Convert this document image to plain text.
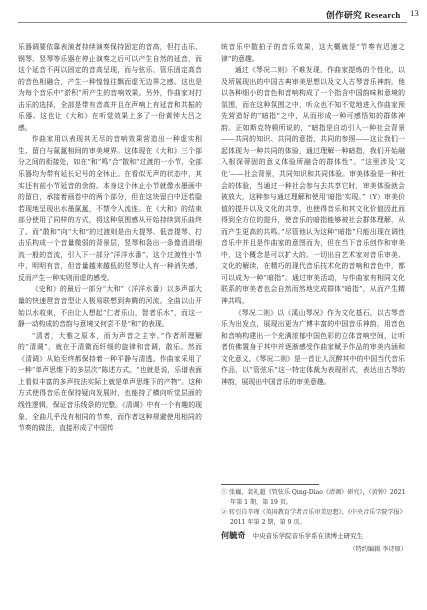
创作研究 Research 13

乐器调要依靠表演者持续演奏保持固定的音高，但打击乐、钢琴、竖琴等乐器在停止演奏之后可以产生自然的延音，而这个延音不再以固定的音高呈现，而与弦乐、管乐固定高音的音色相融合，产生一种惶惶往飘而虚无边界之感。这也是为每个音乐中“淤积”所产生的音响效果。另外，作曲家对打击乐的选择，全部是带有音高并且在声响上有延音和共振的乐器。这也让《大和》在听觉效果上多了一份黄钟大吕之感。

作曲家用以表现其无尽的音响效果营造出一种虚实相生、留白与氤氲相间的审美境界。这体现在《大和》三个部分之间的衔接处，如在“和”鸣“合”散和“过渡的一小节，全部乐器均为带有延长记号的全休止。在看似无声的状态中，其实还有前小节延音的余韵。本身这个休止小节就像水墨画中的留白，承接着画卷中的两个部分，但在这块留白中还若隐若现地呈现出水墨氤氲，不禁令人流连。在《大和》的结束部分使用了同样的方式，将这种氛围感从开始持续到乐曲终了。而“散和”向“大和”的过渡则是由大提琴、低音提琴、打击乐构成一个音量微弱的背景层，竖琴和袅出一条像涓涓细流一般的音流，引入下一部分“洋洋水番”。这个过渡性小节中，明明有音，但音量越来越低的竖琴让人有一种消失感，反而产生一种实则而虚的感受。

《史和》的最后一部分“大和”（洋洋水番）以多声部大量的快速琶音音型让人极易联想到奔腾的河流。全曲以山开始以水收束，不由让人想起“仁者乐山，智者乐水”，而这一静一动构成的音韵与意境又何尝不是“和”的表现。

“清者，大雅之原本，而为声音之主宰。”作者所理解的“清调”，就在于清微而纤细的旋律和音调，散乐。然而《清调》从始至终都保持着一种平静与清透。作曲家采用了一种“单声思维下的多层次”陈述方式。“也就是说，乐谱表面上看似丰富的多声技法实际上就是单声思维下的产物”。这种方式使得音乐在保持疑向发展时，也能持了横向听觉层面的线性逻辑，保证音乐线条的完整。《清调》中有一个有趣的现象，全曲几乎没有相同的节奏，而作者这种规避使用相同的节奏的做法，直接形成了中国传

统音乐中散拍子的音乐效果，这大概就是“节奏有迟速之律”的意趣。

通过《琴况二则》不难发现，作曲家提炼的个性化，以及所展现出的中国古典审美思想以及文人古琴音乐神韵。他以各种细小的音色和音响构成了一个指含中国韵味和意境的氛围，而在这种氛围之中，听众也不知不觉地进入作曲家预先营造好的“暗指”之中，从而形成一种可感悟知的群体神韵。正如斯克特顿所说的，“暗指是自动引入一种社会背景——共同的知识、共同的意指，共同的参照——这让我们一起体现为一种共同的体验，通过理解一种暗指，我们开始融入根深蒂固的意义体验所融合的群体性”。“这里涉及‘文化’——社会背景，共同知识和共同体验。审美体验是一种社会的体验，当通过一种社会参与去共享它时，审美体验就会被放大，这种参与通过理解和使用‘暗指’实现。”（Y）审美价值的提升以及文化的共享，也使得音乐和其文化价值因此而得到全方位的提升，使音乐的暗指能够被社会群体理解，从而产生更高的共鸣。”尽管他认为这种“暗指”只能出现在调性音乐中并且是作曲家的意图而为，但在当下音乐创作和审美中，这个概念是可以扩大的。一切出自艺术家对音乐审美、文化的解读，在精巧的现代音乐技术化的音响和音色中，都可以成为一种“暗指”。通过审美活动，与作曲家有相同文化联系的审美者也会自然而然地完成群体“暗指”，从而产生精神共鸣。

《琴况二则》以《溪山琴况》作为文化基石，以古琴音乐为出发点，展现出更为广博丰富的中国音乐神韵，用音色和音响构建出一个充满浓郁中国色彩的立体音响空间，让听者仿佛置身于其中并逐渐感受作曲家赋予作品的审美内涵和文化意义。《琴况二则》是一首让人沉醉其中的中国当代音乐作品，以“管弦乐”这一特定体裁为表现形式，表达出古琴的神韵，展现出中国音乐的审美意趣。

① 张巍、裴礼超《管弦乐 Qing-Diao《清调》研究》，《黄钟》2021 年第 1 期，第 19 页。

② 转引自辛瑾《英国教育学者音乐审美思想》，《中央音乐学院学报》2011 年第 2 期，第 9 页。

何毓奇 中央音乐学院音乐学系在读博士研究生
（特约编辑 李诗原）
